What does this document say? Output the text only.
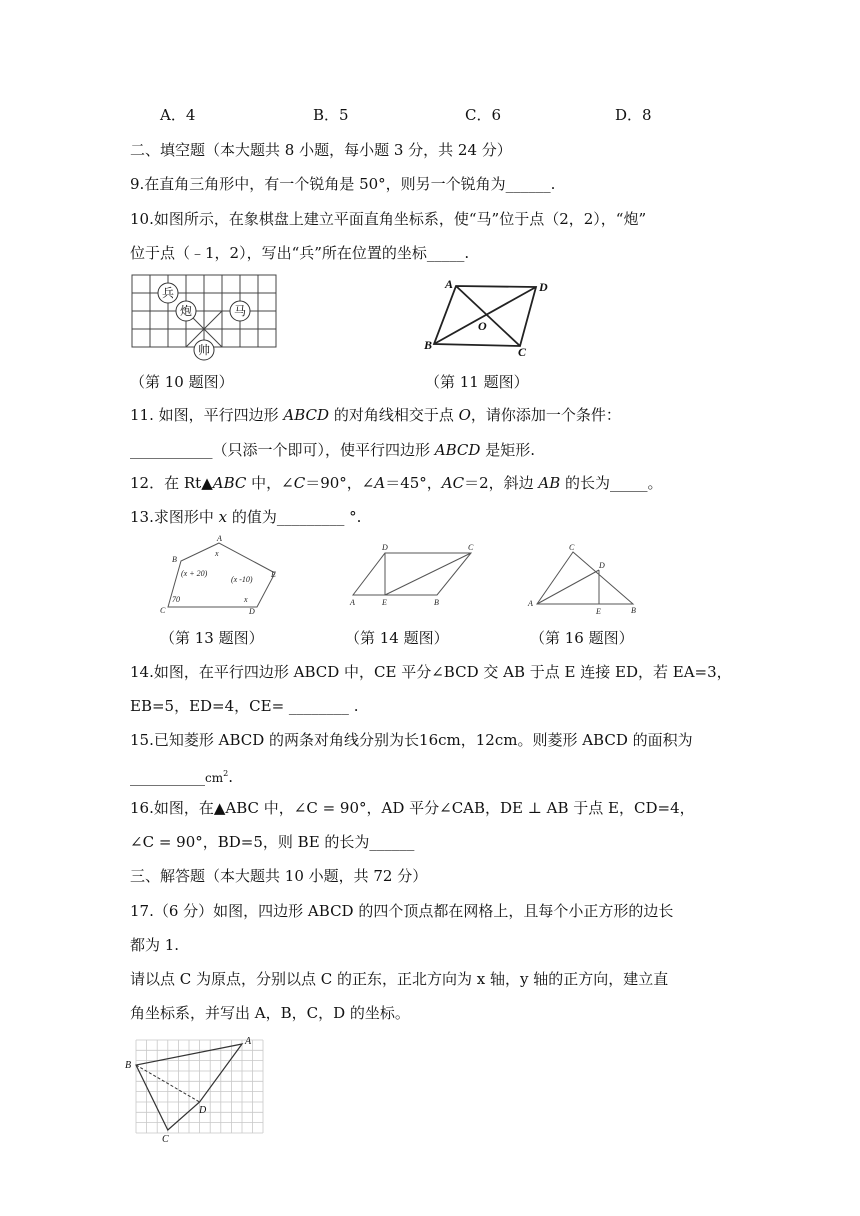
A．4	B．5	C．6	D．8
二、填空题（本大题共 8 小题，每小题 3 分，共 24 分）
9.在直角三角形中，有一个锐角是 50°，则另一个锐角为______.
10.如图所示，在象棋盘上建立平面直角坐标系，使“马”位于点（2，2），“炮”
位于点（﹣1，2），写出“兵”所在位置的坐标_____.
兵
炮	马
帅
A	D
O
B	C
（第 10 题图）	（第 11 题图）
11. 如图，平行四边形 ABCD 的对角线相交于点 O，请你添加一个条件：
___________（只添一个即可），使平行四边形 ABCD 是矩形.
12．在 Rt▲ABC 中，∠C＝90°，∠A＝45°，AC＝2，斜边 AB 的长为_____。
13.求图形中 x 的值为_________ °.
A
B
C	D
E
x
(x + 20)
(x -10)
70	x
D	C
A	E	B
C
D
A
E	B
（第 13 题图）	（第 14 题图）	（第 16 题图）
14.如图，在平行四边形 ABCD 中，CE 平分∠BCD 交 AB 于点 E 连接 ED，若 EA=3，
EB=5，ED=4，CE= ________ .
15.已知菱形 ABCD 的两条对角线分别为长16cm，12cm。则菱形 ABCD 的面积为
$\_\_\_\_\_\_\_\_\_\_cm^2$.
16.如图，在▲ABC 中，∠C = 90°，AD 平分∠CAB，DE ⊥ AB 于点 E，CD=4，
∠C = 90°，BD=5，则 BE 的长为______
三、解答题（本大题共 10 小题，共 72 分）
17.（6 分）如图，四边形 ABCD 的四个顶点都在网格上，且每个小正方形的边长
都为 1.
请以点 C 为原点，分别以点 C 的正东，正北方向为 x 轴，y 轴的正方向，建立直
角坐标系，并写出 A，B，C，D 的坐标。
A
B
C
D
